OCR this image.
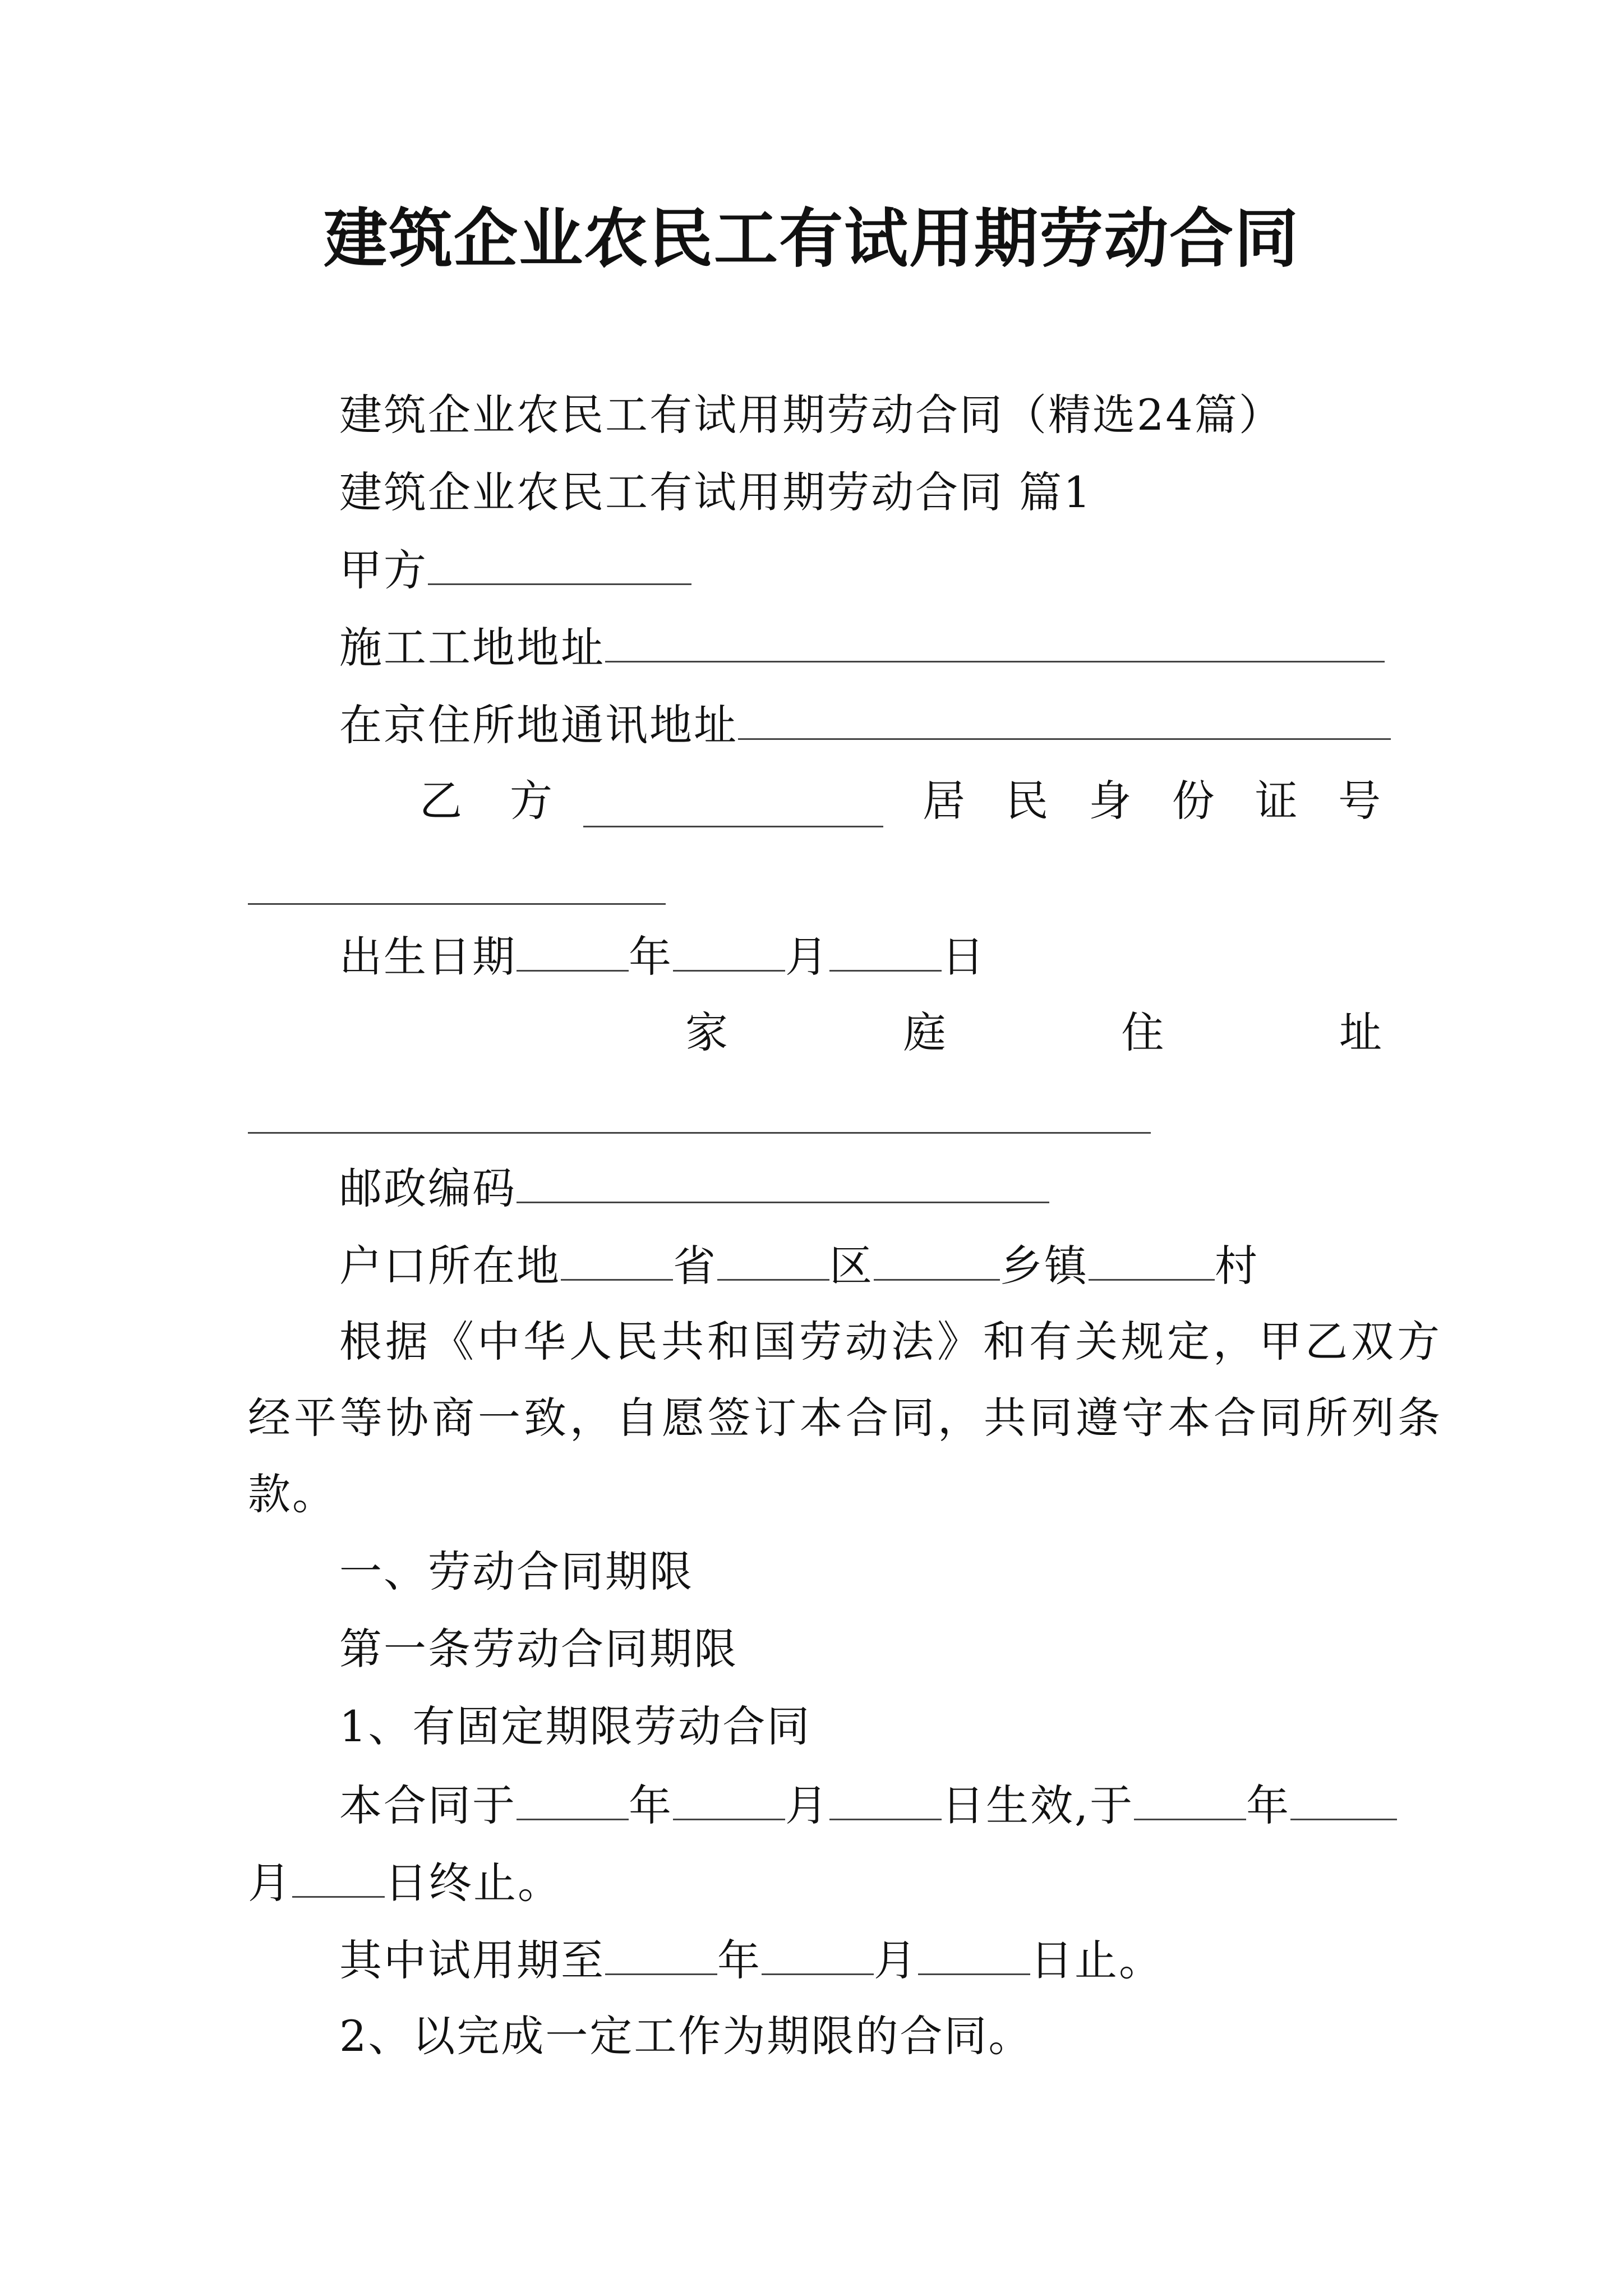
建筑企业农民工有试用期劳动合同
建筑企业农民工有试用期劳动合同（精选24篇）
建筑企业农民工有试用期劳动合同 篇1
甲方
施工工地地址
在京住所地通讯地址
乙 方	居 民 身 份 证 号
出生日期	年	月	日
家	庭	住	址
邮政编码
户口所在地	省	区	乡镇	村
根据《中华人民共和国劳动法》和有关规定，甲乙双方
经平等协商一致，自愿签订本合同，共同遵守本合同所列条
款。
一、劳动合同期限
第一条劳动合同期限
1、有固定期限劳动合同
本合同于	年	月	日生效,于	年
月 日终止。
其中试用期至	年	月	日止。
2、以完成一定工作为期限的合同。
